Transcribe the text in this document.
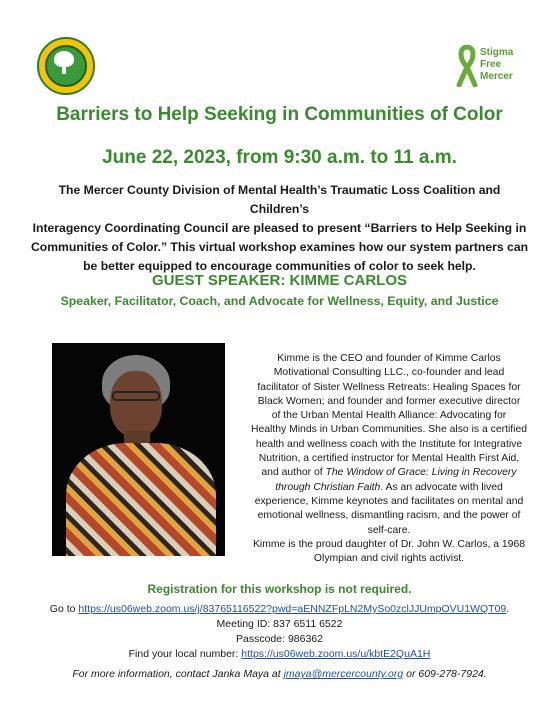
Stigma
Free
Mercer
Barriers to Help Seeking in Communities of Color
June 22, 2023, from 9:30 a.m. to 11 a.m.
The Mercer County Division of Mental Health’s Traumatic Loss Coalition and Children’s
Interagency Coordinating Council are pleased to present “Barriers to Help Seeking in
Communities of Color.” This virtual workshop examines how our system partners can
be better equipped to encourage communities of color to seek help.
GUEST SPEAKER: KIMME CARLOS
Speaker, Facilitator, Coach, and Advocate for Wellness, Equity, and Justice
Kimme is the CEO and founder of Kimme Carlos
Motivational Consulting LLC., co-founder and lead
facilitator of Sister Wellness Retreats: Healing Spaces for
Black Women; and founder and former executive director
of the Urban Mental Health Alliance: Advocating for
Healthy Minds in Urban Communities. She also is a certified
health and wellness coach with the Institute for Integrative
Nutrition, a certified instructor for Mental Health First Aid,
and author of The Window of Grace: Living in Recovery
through Christian Faith. As an advocate with lived
experience, Kimme keynotes and facilitates on mental and
emotional wellness, dismantling racism, and the power of
self-care.
Kimme is the proud daughter of Dr. John W. Carlos, a 1968
Olympian and civil rights activist.
Registration for this workshop is not required.
Go to https://us06web.zoom.us/j/83765116522?pwd=aENNZFpLN2MySo0zclJJUmpOVU1WQT09.
Meeting ID: 837 6511 6522
Passcode: 986362
Find your local number: https://us06web.zoom.us/u/kbtE2QuA1H
For more information, contact Janka Maya at jmaya@mercercounty.org or 609-278-7924.
